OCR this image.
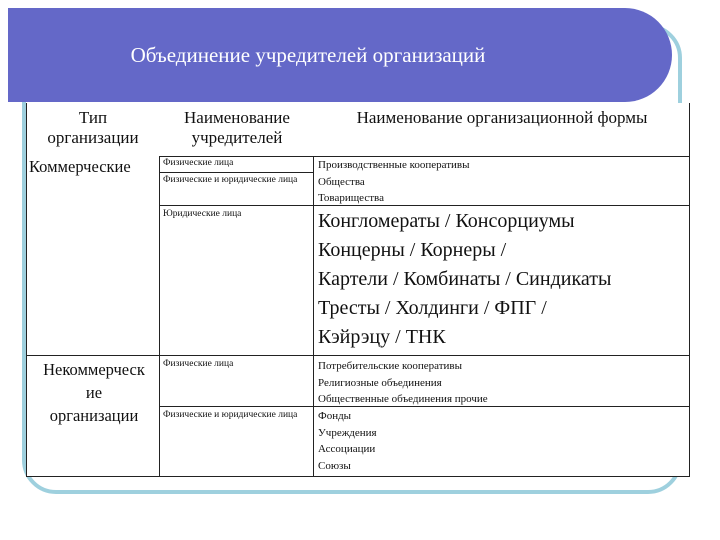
Объединение учредителей организаций
Тип
организации
Наименование
учредителей
Наименование организационной формы
Коммерческие	Физические лица
Физические и юридические лица
Юридические лица
Производственные кооперативы
Общества
Товарищества
Конгломераты / Консорциумы
Концерны / Корнеры /
Картели / Комбинаты / Синдикаты
Тресты / Холдинги / ФПГ /
Кэйрэцу / ТНК
Некоммерческ
ие
организации
Физические лица
Физические и юридические лица
Потребительские кооперативы
Религиозные объединения
Общественные объединения прочие
Фонды
Учреждения
Ассоциации
Союзы
